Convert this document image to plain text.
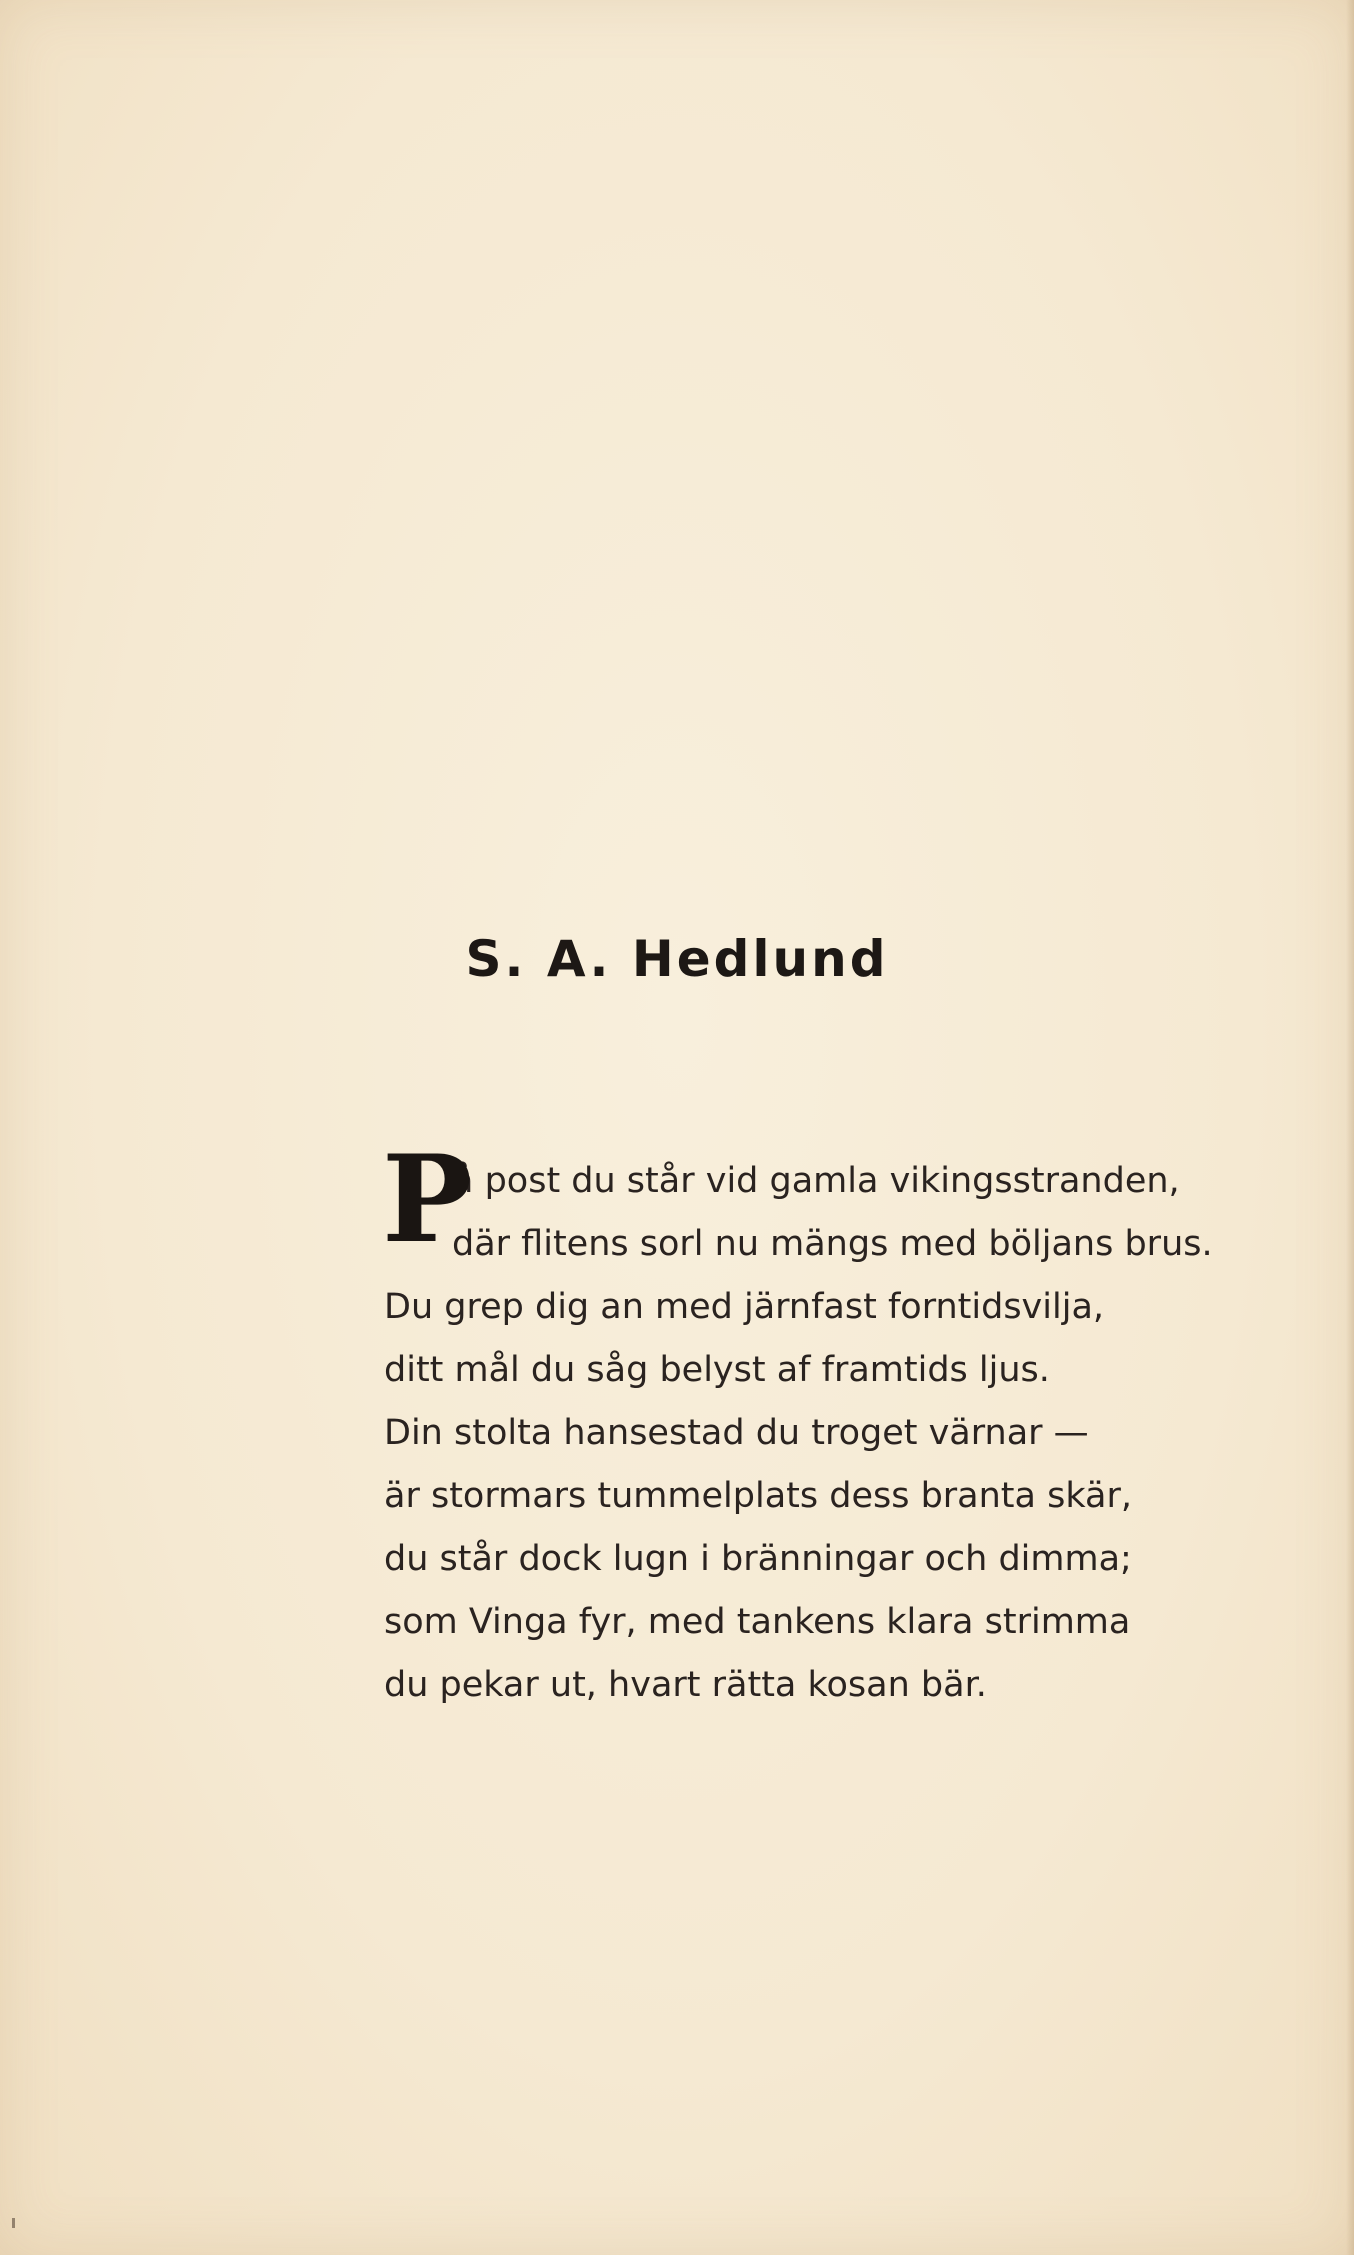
S. A. Hedlund
P
å post du står vid gamla vikingsstranden,
där flitens sorl nu mängs med böljans brus.
Du grep dig an med järnfast forntidsvilja,
ditt mål du såg belyst af framtids ljus.
Din stolta hansestad du troget värnar —
är stormars tummelplats dess branta skär,
du står dock lugn i bränningar och dimma;
som Vinga fyr, med tankens klara strimma
du pekar ut, hvart rätta kosan bär.
